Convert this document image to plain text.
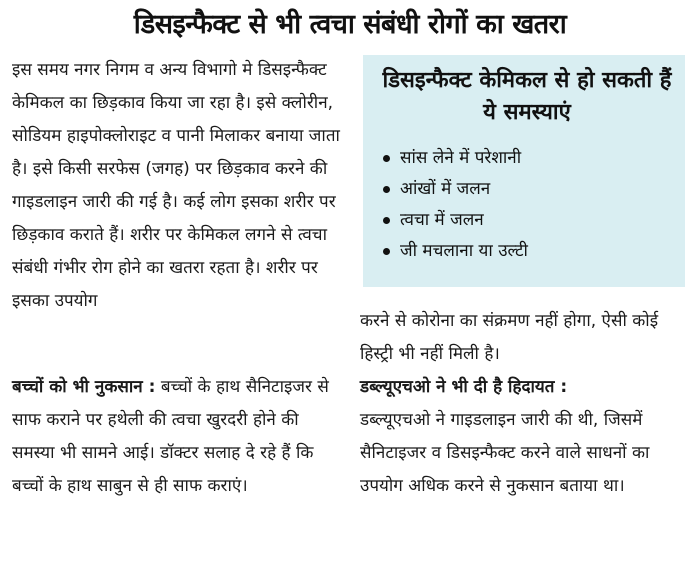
डिसइन्फैक्ट से भी त्वचा संबंधी रोगों का खतरा

इस समय नगर निगम व अन्य विभागो मे डिसइन्फैक्ट केमिकल का छिड़काव किया जा रहा है। इसे क्लोरीन, सोडियम हाइपोक्लोराइट व पानी मिलाकर बनाया जाता है। इसे किसी सरफेस (जगह) पर छिड़काव करने की गाइडलाइन जारी की गई है। कई लोग इसका शरीर पर छिड़काव कराते हैं। शरीर पर केमिकल लगने से त्वचा संबंधी गंभीर रोग होने का खतरा रहता है। शरीर पर इसका उपयोग

डिसइन्फैक्ट केमिकल से हो सकती हैं ये समस्याएं
सांस लेने में परेशानी
आंखों में जलन
त्वचा में जलन
जी मचलाना या उल्टी

करने से कोरोना का संक्रमण नहीं होगा, ऐसी कोई हिस्ट्री भी नहीं मिली है।

बच्चों को भी नुकसान : बच्चों के हाथ सैनिटाइजर से साफ कराने पर हथेली की त्वचा खुरदरी होने की समस्या भी सामने आई। डॉक्टर सलाह दे रहे हैं कि बच्चों के हाथ साबुन से ही साफ कराएं।

डब्ल्यूएचओ ने भी दी है हिदायत :

डब्ल्यूएचओ ने गाइडलाइन जारी की थी, जिसमें सैनिटाइजर व डिसइन्फैक्ट करने वाले साधनों का उपयोग अधिक करने से नुकसान बताया था।
